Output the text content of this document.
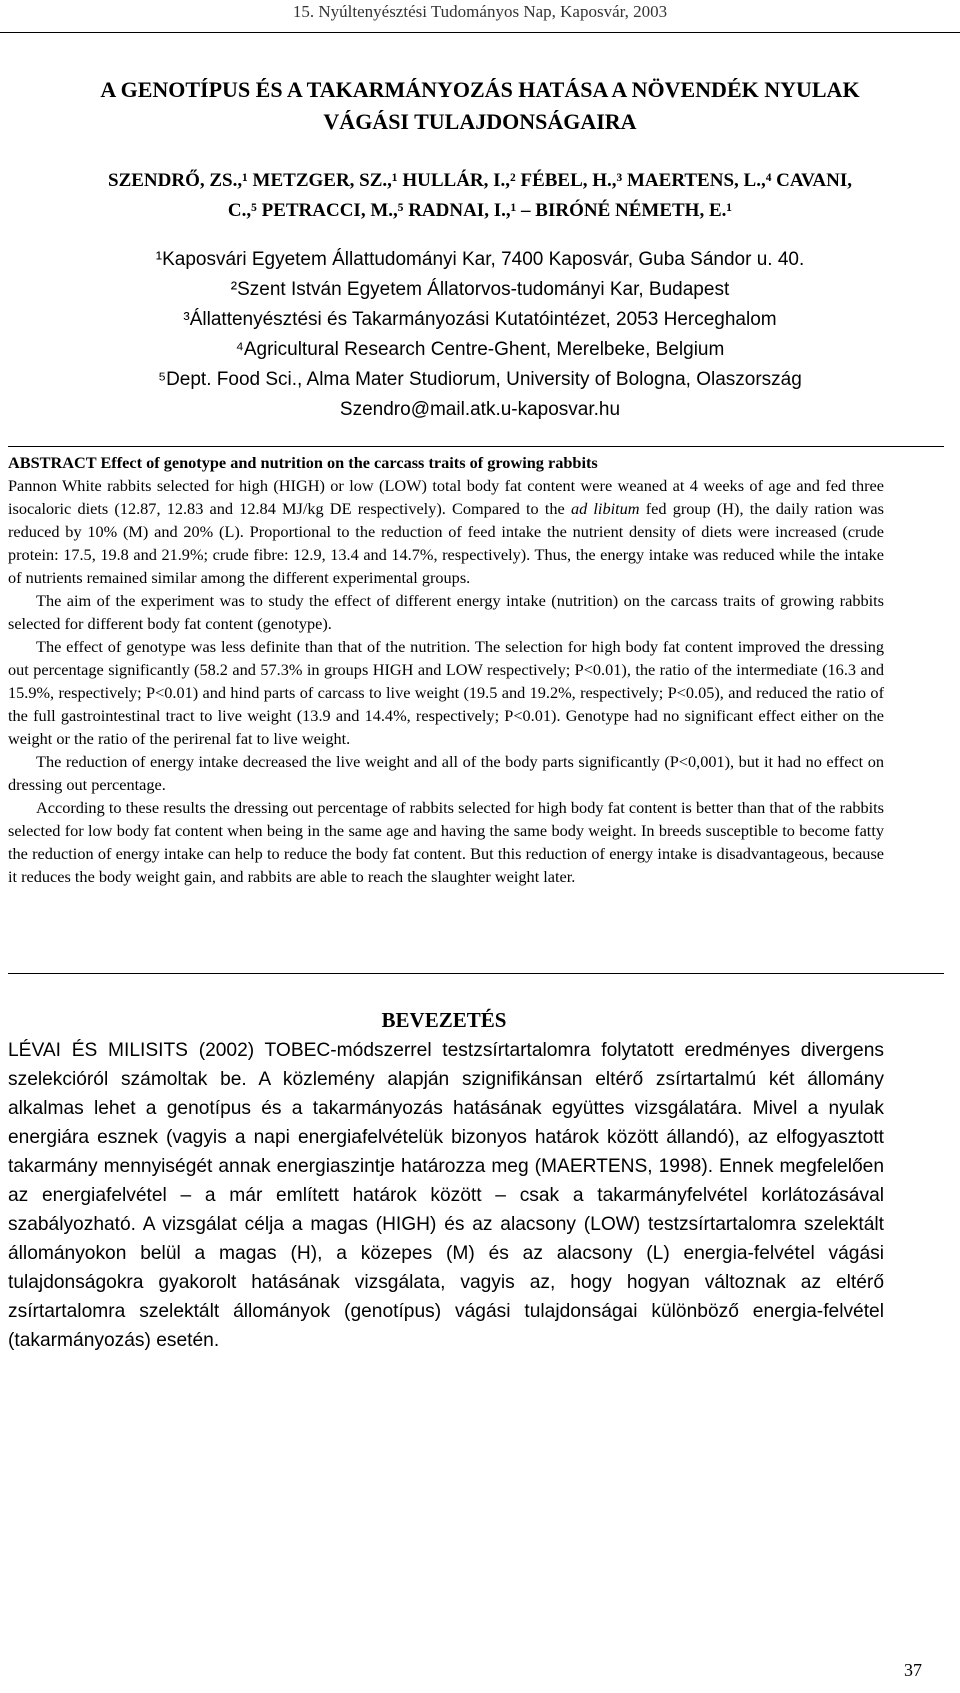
15. Nyúltenyésztési Tudományos Nap, Kaposvár, 2003
A GENOTÍPUS ÉS A TAKARMÁNYOZÁS HATÁSA A NÖVENDÉK NYULAK
VÁGÁSI TULAJDONSÁGAIRA
SZENDRŐ, ZS.,¹ METZGER, SZ.,¹ HULLÁR, I.,² FÉBEL, H.,³ MAERTENS, L.,⁴ CAVANI,
C.,⁵ PETRACCI, M.,⁵ RADNAI, I.,¹ – BIRÓNÉ NÉMETH, E.¹
¹Kaposvári Egyetem Állattudományi Kar, 7400 Kaposvár, Guba Sándor u. 40.
²Szent István Egyetem Állatorvos-tudományi Kar, Budapest
³Állattenyésztési és Takarmányozási Kutatóintézet, 2053 Herceghalom
⁴Agricultural Research Centre-Ghent, Merelbeke, Belgium
⁵Dept. Food Sci., Alma Mater Studiorum, University of Bologna, Olaszország
Szendro@mail.atk.u-kaposvar.hu

ABSTRACT Effect of genotype and nutrition on the carcass traits of growing rabbits

Pannon White rabbits selected for high (HIGH) or low (LOW) total body fat content were weaned at 4 weeks of age and fed three isocaloric diets (12.87, 12.83 and 12.84 MJ/kg DE respectively). Compared to the ad libitum fed group (H), the daily ration was reduced by 10% (M) and 20% (L). Proportional to the reduction of feed intake the nutrient density of diets were increased (crude protein: 17.5, 19.8 and 21.9%; crude fibre: 12.9, 13.4 and 14.7%, respectively). Thus, the energy intake was reduced while the intake of nutrients remained similar among the different experimental groups.

The aim of the experiment was to study the effect of different energy intake (nutrition) on the carcass traits of growing rabbits selected for different body fat content (genotype).

The effect of genotype was less definite than that of the nutrition. The selection for high body fat content improved the dressing out percentage significantly (58.2 and 57.3% in groups HIGH and LOW respectively; P<0.01), the ratio of the intermediate (16.3 and 15.9%, respectively; P<0.01) and hind parts of carcass to live weight (19.5 and 19.2%, respectively; P<0.05), and reduced the ratio of the full gastrointestinal tract to live weight (13.9 and 14.4%, respectively; P<0.01). Genotype had no significant effect either on the weight or the ratio of the perirenal fat to live weight.

The reduction of energy intake decreased the live weight and all of the body parts significantly (P<0,001), but it had no effect on dressing out percentage.

According to these results the dressing out percentage of rabbits selected for high body fat content is better than that of the rabbits selected for low body fat content when being in the same age and having the same body weight. In breeds susceptible to become fatty the reduction of energy intake can help to reduce the body fat content. But this reduction of energy intake is disadvantageous, because it reduces the body weight gain, and rabbits are able to reach the slaughter weight later.

BEVEZETÉS

LÉVAI ÉS MILISITS (2002) TOBEC-módszerrel testzsírtartalomra folytatott eredményes divergens szelekcióról számoltak be. A közlemény alapján szignifikánsan eltérő zsírtartalmú két állomány alkalmas lehet a genotípus és a takarmányozás hatásának együttes vizsgálatára. Mivel a nyulak energiára esznek (vagyis a napi energiafelvételük bizonyos határok között állandó), az elfogyasztott takarmány mennyiségét annak energiaszintje határozza meg (MAERTENS, 1998). Ennek megfelelően az energiafelvétel – a már említett határok között – csak a takarmányfelvétel korlátozásával szabályozható. A vizsgálat célja a magas (HIGH) és az alacsony (LOW) testzsírtartalomra szelektált állományokon belül a magas (H), a közepes (M) és az alacsony (L) energia-felvétel vágási tulajdonságokra gyakorolt hatásának vizsgálata, vagyis az, hogy hogyan változnak az eltérő zsírtartalomra szelektált állományok (genotípus) vágási tulajdonságai különböző energia-felvétel (takarmányozás) esetén.

37
